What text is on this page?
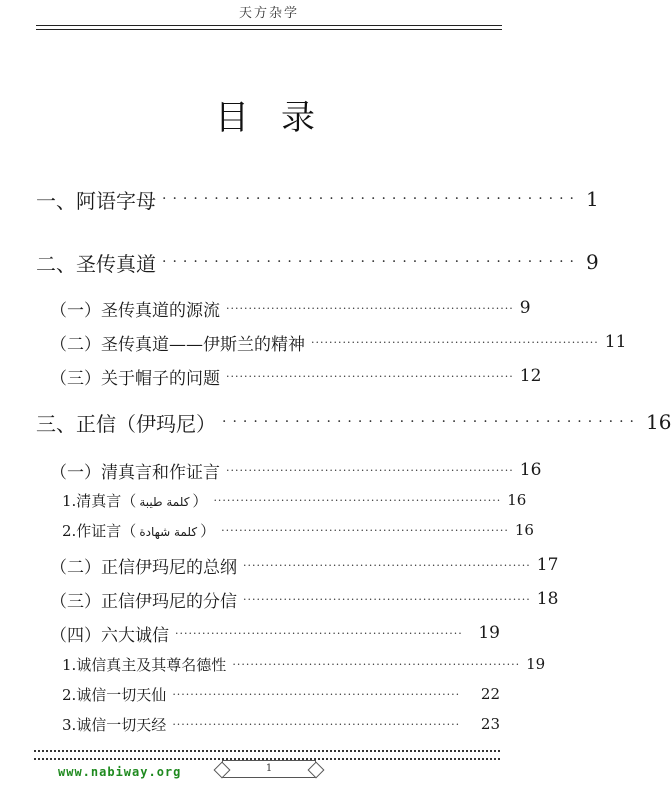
天方杂学
目录
一、阿语字母 ········································ 1
二、圣传真道 ········································ 9
（一）圣传真道的源流 ································································ 9
（二）圣传真道——伊斯兰的精神 ································································ 11
（三）关于帽子的问题 ································································ 12
三、正信（伊玛尼） ········································ 16
（一）清真言和作证言 ································································ 16
1.清真言（ كلمة طيبة ） ································································ 16
2.作证言（ كلمة شهادة ） ································································ 16
（二）正信伊玛尼的总纲 ································································ 17
（三）正信伊玛尼的分信 ································································ 18
（四）六大诚信 ································································ 19
1.诚信真主及其尊名德性 ································································ 19
2.诚信一切天仙 ································································	22
3.诚信一切天经 ································································	23
www.nabiway.org	1
